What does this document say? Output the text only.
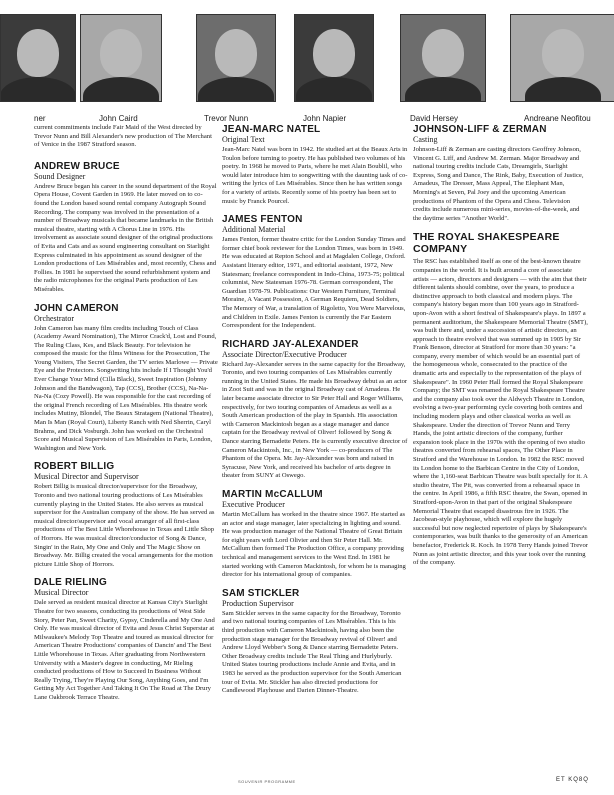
ner	John Caird	Trevor Nunn	John Napier	David Hersey	Andreane Neofitou

current commitments include Fair Maid of the West directed by Trevor Nunn and Bill Alexander's new production of The Merchant of Venice in the 1987 Stratford season.

ANDREW BRUCE

Sound Designer

Andrew Bruce began his career in the sound department of the Royal Opera House, Covent Garden in 1969. He later moved on to co-found the London based sound rental company Autograph Sound Recording. The company was involved in the presentation of a number of Broadway musicals that became landmarks in the British musical theatre, starting with A Chorus Line in 1976. His involvement as associate sound designer of the original productions of Evita and Cats and as sound engineering consultant on Starlight Express culminated in his appointment as sound designer of the London productions of Les Misérables and, most recently, Chess and Follies. In 1981 he supervised the sound refurbishment system and the radio microphones for the original Paris production of Les Misérables.

JOHN CAMERON

Orchestrator

John Cameron has many film credits including Touch of Class (Academy Award Nomination), The Mirror Crack'd, Lost and Found, The Ruling Class, Kes, and Black Beauty. For television he composed the music for the films Witness for the Prosecution, The Young Visiters, The Secret Garden, the TV series Marlowe — Private Eye and the Protectors. Songwriting hits include If I Thought You'd Ever Change Your Mind (Cilla Black), Sweet Inspiration (Johnny Johnson and the Bandwagon), Tap (CCS), Brother (CCS), Na-Na-Na-Na (Cozy Powell). He was responsible for the cast recording of the original French recording of Les Misérables. His theatre work includes Mutiny, Blondel, The Beaux Stratagem (National Theatre), Man Is Man (Royal Court), Liberty Ranch with Ned Sherrin, Caryl Brahms, and Dick Vosburgh. John has worked on the Orchestral Score and Musical Supervision of Les Misérables in Paris, London, Washington and New York.

ROBERT BILLIG

Musical Director and Supervisor

Robert Billig is musical director/supervisor for the Broadway, Toronto and two national touring productions of Les Misérables currently playing in the United States. He also serves as musical supervisor for the Australian company of the show. He has served as musical director/supervisor and vocal arranger of all first-class productions of The Best Little Whorehouse in Texas and Little Shop of Horrors. He was musical director/conductor of Song & Dance, Singin' in the Rain, My One and Only and The Magic Show on Broadway. Mr. Billig created the vocal arrangements for the motion picture Little Shop of Horrors.

DALE RIELING

Musical Director

Dale served as resident musical director at Kansas City's Starlight Theatre for two seasons, conducting its productions of West Side Story, Peter Pan, Sweet Charity, Gypsy, Cinderella and My One And Only. He was musical director of Evita and Jesus Christ Superstar at Milwaukee's Melody Top Theatre and toured as musical director for American Theatre Productions' companies of Dancin' and The Best Little Whorehouse in Texas. After graduating from Northwestern University with a Master's degree in conducting, Mr Rieling conducted productions of How to Succeed In Business Without Really Trying, They're Playing Our Song, Anything Goes, and I'm Getting My Act Together And Taking It On The Road at The Drury Lane Oakbrook Terrace Theatre.

JEAN-MARC NATEL

Original Text

Jean-Marc Natel was born in 1942. He studied art at the Beaux Arts in Toulon before turning to poetry. He has published two volumes of his poetry. In 1968 he moved to Paris, where he met Alain Boublil, who would later introduce him to songwriting with the daunting task of co-writing the lyrics of Les Misérables. Since then he has written songs for a variety of artists. Recently some of his poetry has been set to music by Franck Pourcel.

JAMES FENTON

Additional Material

James Fenton, former theatre critic for the London Sunday Times and former chief book reviewer for the London Times, was born in 1949. He was educated at Repton School and at Magdalen College, Oxford. Assistant literary editor, 1971, and editorial assistant, 1972, New Statesman; freelance correspondent in Indo-China, 1973-75; political columnist, New Statesman 1976-78. German correspondent, The Guardian 1978-79. Publications: Our Western Furniture, Terminal Moraine, A Vacant Possession, A German Requiem, Dead Soldiers, The Memory of War, a translation of Rigoletto, You Were Marvelous, and Children in Exile. James Fenton is currently the Far Eastern Correspondent for the Independent.

RICHARD JAY-ALEXANDER

Associate Director/Executive Producer

Richard Jay-Alexander serves in the same capacity for the Broadway, Toronto, and two touring companies of Les Misérables currently running in the United States. He made his Broadway debut as an actor in Zoot Suit and was in the original Broadway cast of Amadeus. He later became associate director to Sir Peter Hall and Roger Williams, respectively, for two touring companies of Amadeus as well as a South American production of the play in Spanish. His association with Cameron Mackintosh began as a stage manager and dance captain for the Broadway revival of Oliver! followed by Song & Dance starring Bernadette Peters. He is currently executive director of Cameron Mackintosh, Inc., in New York — co-producers of The Phantom of the Opera. Mr. Jay-Alexander was born and raised in Syracuse, New York, and received his bachelor of arts degree in theater from SUNY at Oswego.

MARTIN McCALLUM

Executive Producer

Martin McCallum has worked in the theatre since 1967. He started as an actor and stage manager, later specializing in lighting and sound. He was production manager of the National Theatre of Great Britain for eight years with Lord Olivier and then Sir Peter Hall. Mr. McCallum then formed The Production Office, a company providing technical and management services to the West End. In 1981 he started working with Cameron Mackintosh, for whom he is managing director for his international group of companies.

SAM STICKLER

Production Supervisor

Sam Stickler serves in the same capacity for the Broadway, Toronto and two national touring companies of Les Misérables. This is his third production with Cameron Mackintosh, having also been the production stage manager for the Broadway revival of Oliver! and Andrew Lloyd Webber's Song & Dance starring Bernadette Peters. Other Broadway credits include The Real Thing and Hurlyburly. United States touring productions include Annie and Evita, and in 1983 he served as the production supervisor for the South American tour of Evita. Mr. Stickler has also directed productions for Candlewood Playhouse and Darien Dinner-Theatre.

JOHNSON-LIFF & ZERMAN

Casting

Johnson-Liff & Zerman are casting directors Geoffrey Johnson, Vincent G. Liff, and Andrew M. Zerman. Major Broadway and national touring credits include Cats, Dreamgirls, Starlight Express, Song and Dance, The Rink, Baby, Execution of Justice, Amadeus, The Dresser, Mass Appeal, The Elephant Man, Morning's at Seven, Pal Joey and the upcoming American productions of Phantom of the Opera and Chess. Television credits include numerous mini-series, movies-of-the-week, and the daytime series "Another World".

THE ROYAL SHAKESPEARE COMPANY

The RSC has established itself as one of the best-known theatre companies in the world. It is built around a core of associate artists — actors, directors and designers — with the aim that their different talents should combine, over the years, to produce a distinctive approach to both classical and modern plays. The company's history began more than 100 years ago in Stratford-upon-Avon with a short festival of Shakespeare's plays. In 1897 a permanent auditorium, the Shakespeare Memorial Theatre (SMT), was built there and, under a succession of artistic directors, an approach to theatre evolved that was summed up in 1905 by Sir Frank Benson, director at Stratford for more than 30 years: "a company, every member of which would be an essential part of the homogeneous whole, consecrated to the practice of the dramatic arts and especially to the representation of the plays of Shakespeare". In 1960 Peter Hall formed the Royal Shakespeare Company; the SMT was renamed the Royal Shakespeare Theatre and the company also took over the Aldwych Theatre in London, evolving a two-year performing cycle covering both centres and including modern plays and other classical works as well as Shakespeare. Under the direction of Trevor Nunn and Terry Hands, the joint artistic directors of the company, further expansion took place in the 1970s with the opening of two studio theatres converted from rehearsal spaces, The Other Place in Stratford and the Warehouse in London. In 1982 the RSC moved its London home to the Barbican Centre in the City of London, where the 1,160-seat Barbican Theatre was built specially for it. A studio theatre, The Pit, was converted from a rehearsal space in the centre. In April 1986, a fifth RSC theatre, the Swan, opened in Stratford-upon-Avon in that part of the original Shakespeare Memorial Theatre that escaped disastrous fire in 1926. The Jacobean-style playhouse, which will explore the hugely successful but now neglected repertoire of plays by Shakespeare's contemporaries, was built thanks to the generosity of an American benefactor, Frederick R. Koch. In 1978 Terry Hands joined Trevor Nunn as joint artistic director, and this year took over the running of the company.

SOUVENIR PROGRAMME	ET KQ8Q
